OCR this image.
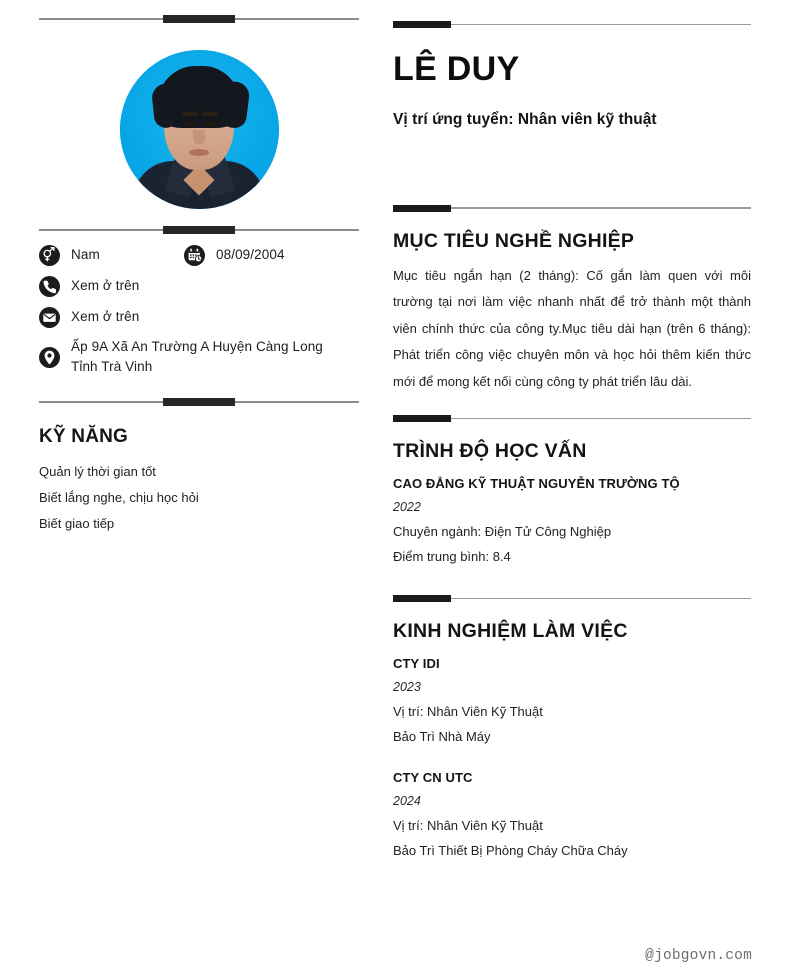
Nam	08/09/2004
Xem ở trên
Xem ở trên
Ấp 9A Xã An Trường A Huyện Càng Long Tỉnh Trà Vinh
KỸ NĂNG
Quản lý thời gian tốt
Biết lắng nghe, chịu học hỏi
Biết giao tiếp
LÊ DUY
Vị trí ứng tuyển: Nhân viên kỹ thuật
MỤC TIÊU NGHỀ NGHIỆP
Mục tiêu ngắn hạn (2 tháng): Cố gắn làm quen với môi trường tại nơi làm việc nhanh nhất để trở thành một thành viên chính thức của công ty.Mục tiêu dài hạn (trên 6 tháng): Phát triển công việc chuyên môn và học hỏi thêm kiến thức mới để mong kết nối cùng công ty phát triển lâu dài.
TRÌNH ĐỘ HỌC VẤN
CAO ĐẲNG KỸ THUẬT NGUYỄN TRƯỜNG TỘ
2022
Chuyên ngành: Điện Tử Công Nghiệp
Điểm trung bình: 8.4
KINH NGHIỆM LÀM VIỆC
CTY IDI
2023
Vị trí: Nhân Viên Kỹ Thuật
Bảo Trì Nhà Máy
CTY CN UTC
2024
Vị trí: Nhân Viên Kỹ Thuật
Bảo Trì Thiết Bị Phòng Cháy Chữa Cháy
@jobgovn.com
